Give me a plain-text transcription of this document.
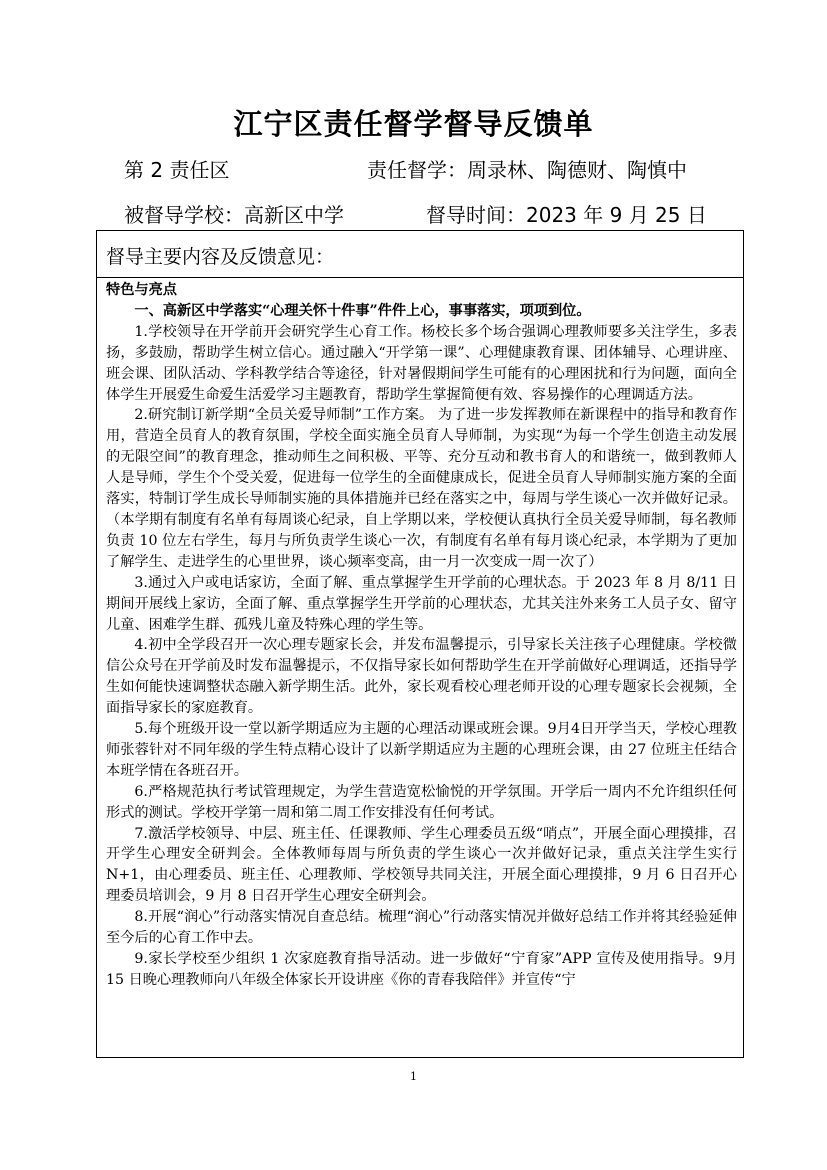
江宁区责任督学督导反馈单
第 2 责任区	责任督学：周录林、陶德财、陶慎中
被督导学校：高新区中学	督导时间：2023 年 9 月 25 日
督导主要内容及反馈意见：
特色与亮点

一、高新区中学落实“心理关怀十件事”件件上心，事事落实，项项到位。

1.学校领导在开学前开会研究学生心育工作。杨校长多个场合强调心理教师要多关注学生，多表扬，多鼓励，帮助学生树立信心。通过融入“开学第一课”、心理健康教育课、团体辅导、心理讲座、班会课、团队活动、学科教学结合等途径，针对暑假期间学生可能有的心理困扰和行为问题，面向全体学生开展爱生命爱生活爱学习主题教育，帮助学生掌握简便有效、容易操作的心理调适方法。

2.研究制订新学期“全员关爱导师制”工作方案。 为了进一步发挥教师在新课程中的指导和教育作用，营造全员育人的教育氛围，学校全面实施全员育人导师制，为实现“为每一个学生创造主动发展的无限空间”的教育理念，推动师生之间积极、平等、充分互动和教书育人的和谐统一，做到教师人人是导师，学生个个受关爱，促进每一位学生的全面健康成长，促进全员育人导师制实施方案的全面落实，特制订学生成长导师制实施的具体措施并已经在落实之中，每周与学生谈心一次并做好记录。（本学期有制度有名单有每周谈心纪录，自上学期以来，学校便认真执行全员关爱导师制，每名教师负责 10 位左右学生，每月与所负责学生谈心一次，有制度有名单有每月谈心纪录，本学期为了更加了解学生、走进学生的心里世界，谈心频率变高，由一月一次变成一周一次了）

3.通过入户或电话家访，全面了解、重点掌握学生开学前的心理状态。于 2023 年 8 月 8/11 日期间开展线上家访，全面了解、重点掌握学生开学前的心理状态，尤其关注外来务工人员子女、留守儿童、困难学生群、孤残儿童及特殊心理的学生等。

4.初中全学段召开一次心理专题家长会，并发布温馨提示，引导家长关注孩子心理健康。学校微信公众号在开学前及时发布温馨提示，不仅指导家长如何帮助学生在开学前做好心理调适，还指导学生如何能快速调整状态融入新学期生活。此外，家长观看校心理老师开设的心理专题家长会视频，全面指导家长的家庭教育。

5.每个班级开设一堂以新学期适应为主题的心理活动课或班会课。9月4日开学当天，学校心理教师张蓉针对不同年级的学生特点精心设计了以新学期适应为主题的心理班会课，由 27 位班主任结合本班学情在各班召开。

6.严格规范执行考试管理规定，为学生营造宽松愉悦的开学氛围。开学后一周内不允许组织任何形式的测试。学校开学第一周和第二周工作安排没有任何考试。

7.激活学校领导、中层、班主任、任课教师、学生心理委员五级“哨点”，开展全面心理摸排，召开学生心理安全研判会。全体教师每周与所负责的学生谈心一次并做好记录，重点关注学生实行 N+1，由心理委员、班主任、心理教师、学校领导共同关注，开展全面心理摸排，9 月 6 日召开心理委员培训会，9 月 8 日召开学生心理安全研判会。

8.开展“润心”行动落实情况自查总结。梳理“润心”行动落实情况并做好总结工作并将其经验延伸至今后的心育工作中去。

9.家长学校至少组织 1 次家庭教育指导活动。进一步做好“宁育家”APP 宣传及使用指导。9月 15 日晚心理教师向八年级全体家长开设讲座《你的青春我陪伴》并宣传“宁

1
